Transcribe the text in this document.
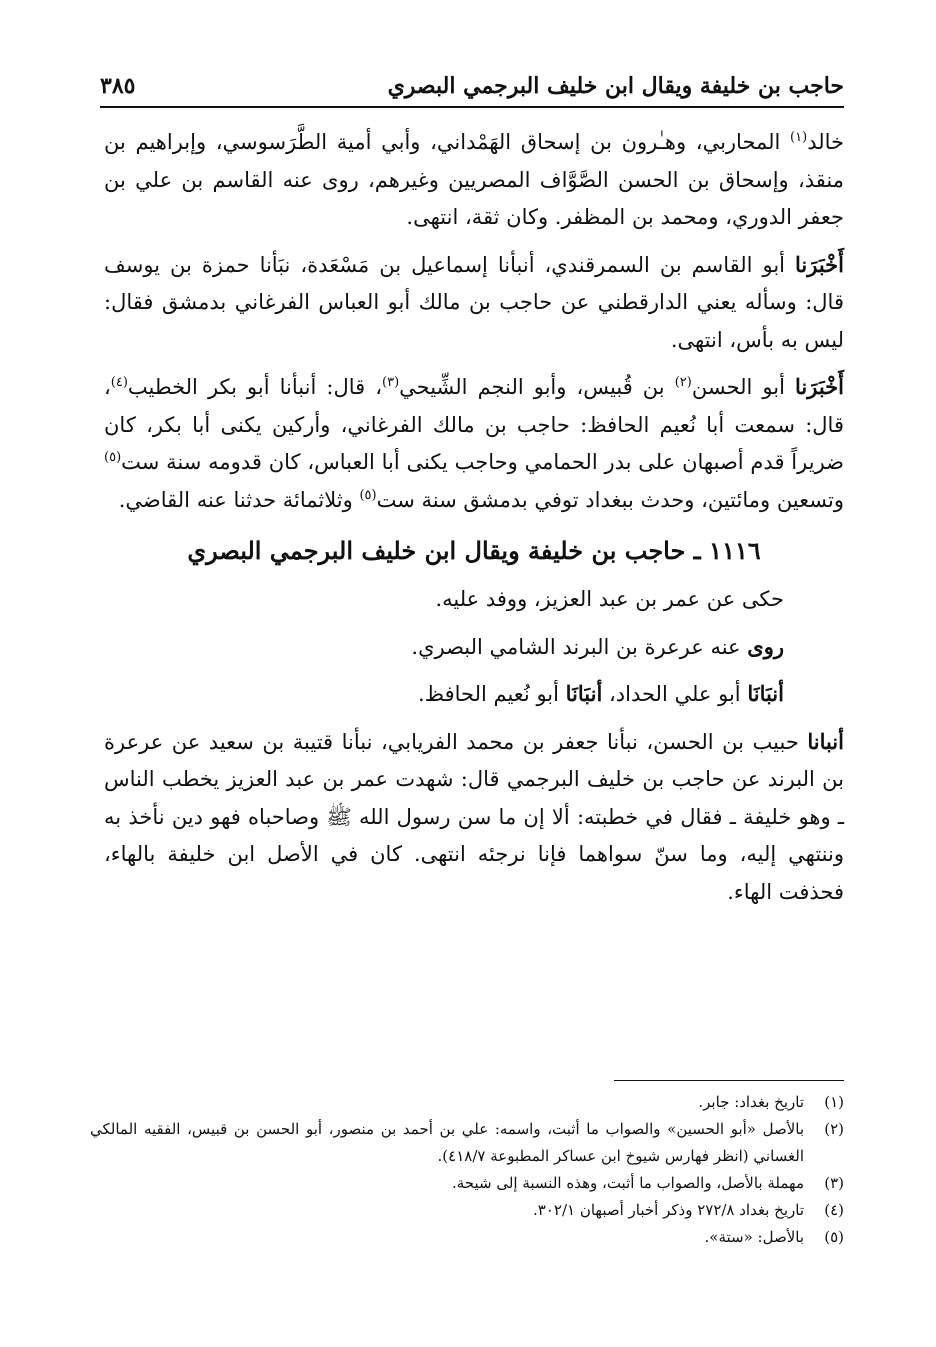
حاجب بن خليفة ويقال ابن خليف البرجمي البصري
٣٨٥

خالد$^{(١)}$ المحاربي، وهـٰرون بن إسحاق الهَمْداني، وأبي أمية الطَّرَسوسي، وإبراهيم بن منقذ، وإسحاق بن الحسن الصَّوَّاف المصريين وغيرهم، روى عنه القاسم بن علي بن جعفر الدوري، ومحمد بن المظفر. وكان ثقة، انتهى.

أَخْبَرَنا أبو القاسم بن السمرقندي، أنبأنا إسماعيل بن مَسْعَدة، نبَأنا حمزة بن يوسف قال: وسأله يعني الدارقطني عن حاجب بن مالك أبو العباس الفرغاني بدمشق فقال: ليس به بأس، انتهى.

أَخْبَرَنا أبو الحسن$^{(٢)}$ بن قُبيس، وأبو النجم الشِّيحي$^{(٣)}$، قال: أنبأنا أبو بكر الخطيب$^{(٤)}$، قال: سمعت أبا نُعيم الحافظ: حاجب بن مالك الفرغاني، وأركين يكنى أبا بكر، كان ضريراً قدم أصبهان على بدر الحمامي وحاجب يكنى أبا العباس، كان قدومه سنة ست$^{(٥)}$ وتسعين ومائتين، وحدث ببغداد توفي بدمشق سنة ست$^{(٥)}$ وثلاثمائة حدثنا عنه القاضي.

١١١٦ ـ حاجب بن خليفة ويقال ابن خليف البرجمي البصري

حكى عن عمر بن عبد العزيز، ووفد عليه.

روى عنه عرعرة بن البرند الشامي البصري.

أنبَانَا أبو علي الحداد، أنبَانَا أبو نُعيم الحافظ.

أنبانا حبيب بن الحسن، نبأنا جعفر بن محمد الفريابي، نبأنا قتيبة بن سعيد عن عرعرة بن البرند عن حاجب بن خليف البرجمي قال: شهدت عمر بن عبد العزيز يخطب الناس ـ وهو خليفة ـ فقال في خطبته: ألا إن ما سن رسول الله ﷺ وصاحباه فهو دين نأخذ به وننتهي إليه، وما سنّ سواهما فإنا نرجئه انتهى. كان في الأصل ابن خليفة بالهاء، فحذفت الهاء.

(١)
تاريخ بغداد: جابر.
(٢)
بالأصل «أبو الحسين» والصواب ما أثبت، واسمه: علي بن أحمد بن منصور، أبو الحسن بن قبيس، الفقيه المالكي الغساني (انظر فهارس شيوخ ابن عساكر المطبوعة ٤١٨/٧).
(٣)
مهملة بالأصل، والصواب ما أثبت، وهذه النسبة إلى شيحة.
(٤)
تاريخ بغداد ٢٧٢/٨ وذكر أخبار أصبهان ٣٠٢/١.
(٥)
بالأصل: «ستة».
